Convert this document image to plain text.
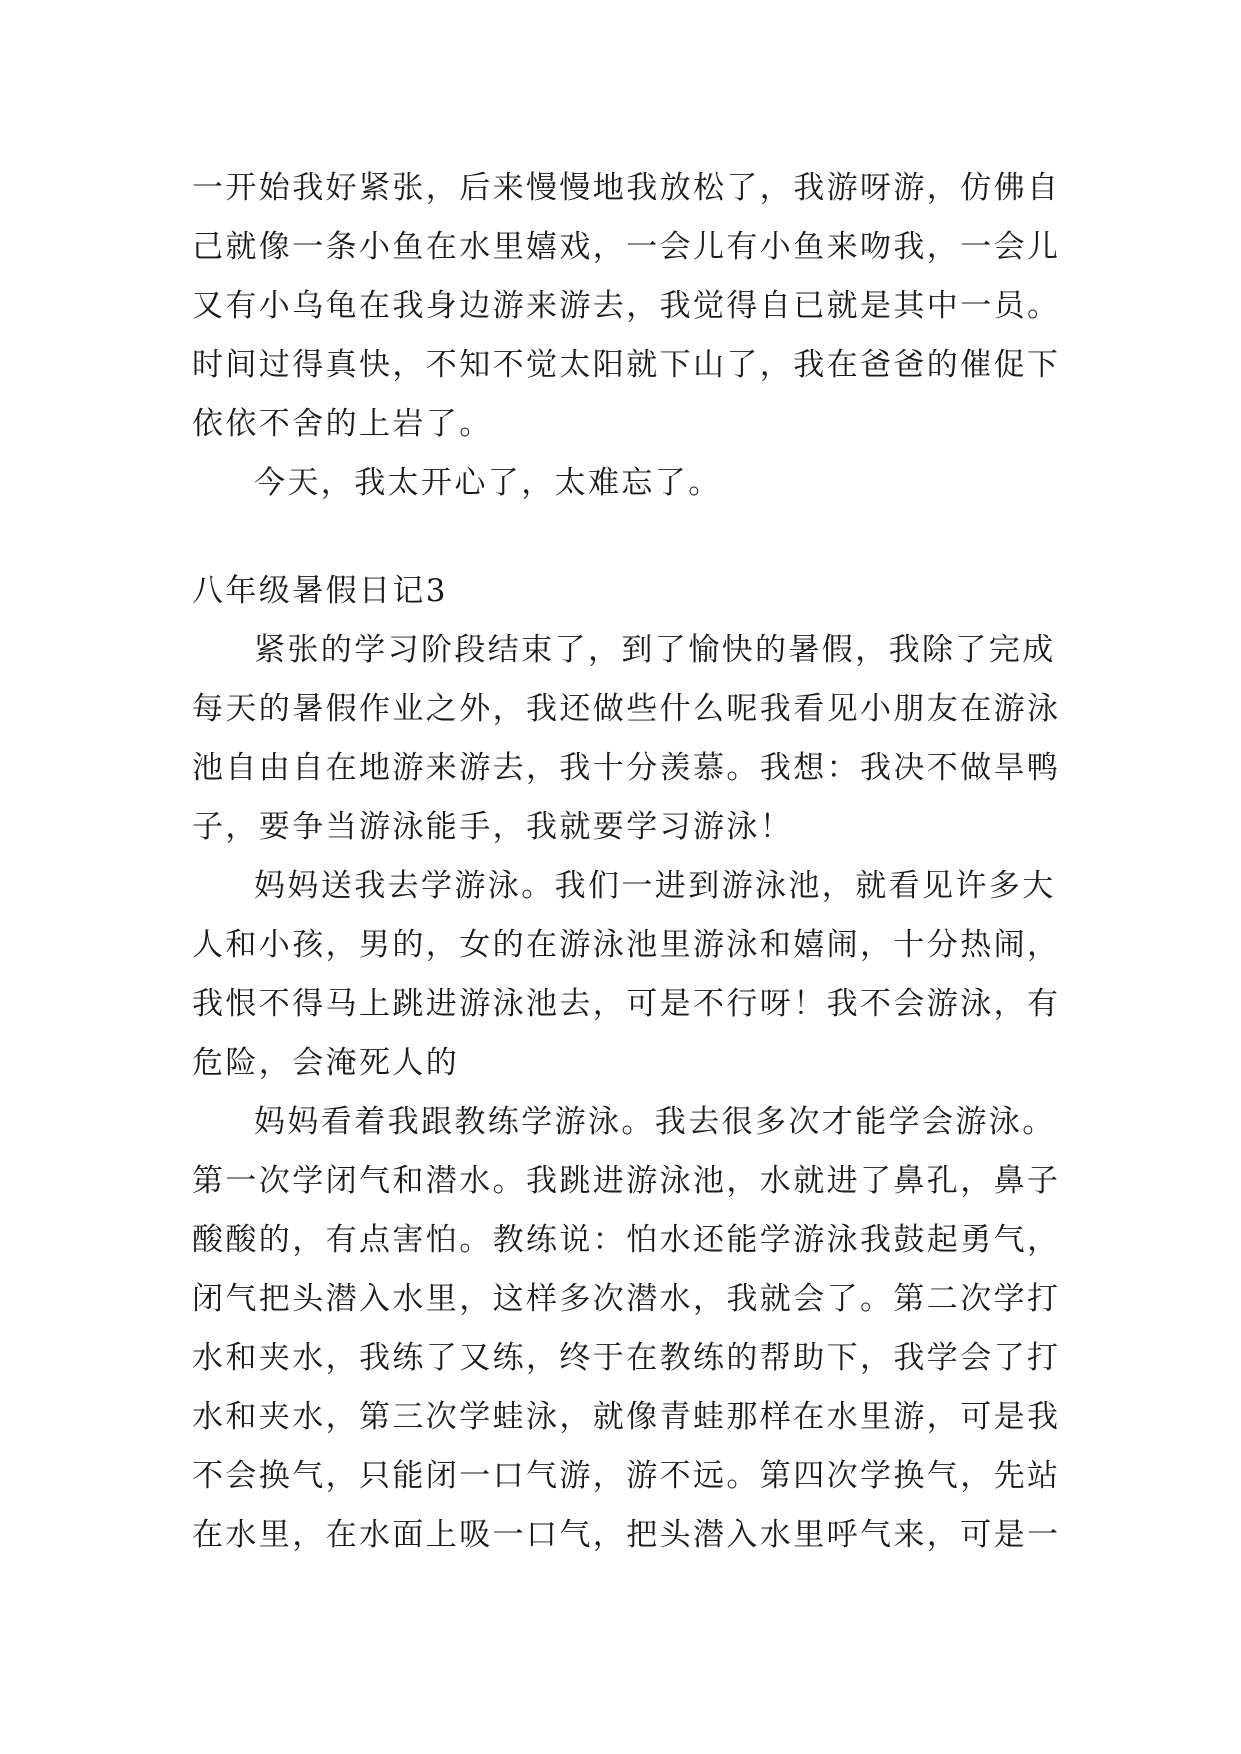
一开始我好紧张，后来慢慢地我放松了，我游呀游，仿佛自
己就像一条小鱼在水里嬉戏，一会儿有小鱼来吻我，一会儿
又有小乌龟在我身边游来游去，我觉得自已就是其中一员。
时间过得真快，不知不觉太阳就下山了，我在爸爸的催促下
依依不舍的上岩了。
今天，我太开心了，太难忘了。
八年级暑假日记3
紧张的学习阶段结束了，到了愉快的暑假，我除了完成
每天的暑假作业之外，我还做些什么呢我看见小朋友在游泳
池自由自在地游来游去，我十分羡慕。我想：我决不做旱鸭
子，要争当游泳能手，我就要学习游泳！
妈妈送我去学游泳。我们一进到游泳池，就看见许多大
人和小孩，男的，女的在游泳池里游泳和嬉闹，十分热闹，
我恨不得马上跳进游泳池去，可是不行呀！我不会游泳，有
危险，会淹死人的
妈妈看着我跟教练学游泳。我去很多次才能学会游泳。
第一次学闭气和潜水。我跳进游泳池，水就进了鼻孔，鼻子
酸酸的，有点害怕。教练说：怕水还能学游泳我鼓起勇气，
闭气把头潜入水里，这样多次潜水，我就会了。第二次学打
水和夹水，我练了又练，终于在教练的帮助下，我学会了打
水和夹水，第三次学蛙泳，就像青蛙那样在水里游，可是我
不会换气，只能闭一口气游，游不远。第四次学换气，先站
在水里，在水面上吸一口气，把头潜入水里呼气来，可是一
